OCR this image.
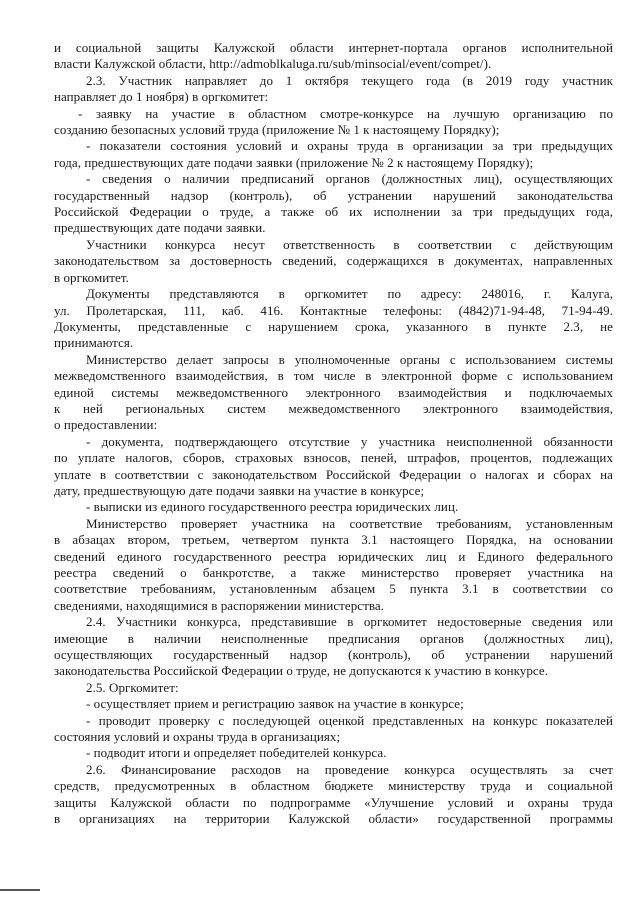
и социальной защиты Калужской области интернет-портала органов исполнительной

власти Калужской области, http://admoblkaluga.ru/sub/minsocial/event/compet/).

2.3. Участник направляет до 1 октября текущего года (в 2019 году участник

направляет до 1 ноября) в оргкомитет:

- заявку на участие в областном смотре-конкурсе на лучшую организацию по

созданию безопасных условий труда (приложение № 1 к настоящему Порядку);

- показатели состояния условий и охраны труда в организации за три предыдущих

года, предшествующих дате подачи заявки (приложение № 2 к настоящему Порядку);

- сведения о наличии предписаний органов (должностных лиц), осуществляющих

государственный надзор (контроль), об устранении нарушений законодательства

Российской Федерации о труде, а также об их исполнении за три предыдущих года,

предшествующих дате подачи заявки.

Участники конкурса несут ответственность в соответствии с действующим

законодательством за достоверность сведений, содержащихся в документах, направленных

в оргкомитет.

Документы представляются в оргкомитет по адресу: 248016, г. Калуга,

ул. Пролетарская, 111, каб. 416. Контактные телефоны: (4842)71-94-48, 71-94-49.

Документы, представленные с нарушением срока, указанного в пункте 2.3, не

принимаются.

Министерство делает запросы в уполномоченные органы с использованием системы

межведомственного взаимодействия, в том числе в электронной форме с использованием

единой системы межведомственного электронного взаимодействия и подключаемых

к ней региональных систем межведомственного электронного взаимодействия,

о предоставлении:

- документа, подтверждающего отсутствие у участника неисполненной обязанности

по уплате налогов, сборов, страховых взносов, пеней, штрафов, процентов, подлежащих

уплате в соответствии с законодательством Российской Федерации о налогах и сборах на

дату, предшествующую дате подачи заявки на участие в конкурсе;

- выписки из единого государственного реестра юридических лиц.

Министерство проверяет участника на соответствие требованиям, установленным

в абзацах втором, третьем, четвертом пункта 3.1 настоящего Порядка, на основании

сведений единого государственного реестра юридических лиц и Единого федерального

реестра сведений о банкротстве, а также министерство проверяет участника на

соответствие требованиям, установленным абзацем 5 пункта 3.1 в соответствии со

сведениями, находящимися в распоряжении министерства.

2.4. Участники конкурса, представившие в оргкомитет недостоверные сведения или

имеющие в наличии неисполненные предписания органов (должностных лиц),

осуществляющих государственный надзор (контроль), об устранении нарушений

законодательства Российской Федерации о труде, не допускаются к участию в конкурсе.

2.5. Оргкомитет:

- осуществляет прием и регистрацию заявок на участие в конкурсе;

- проводит проверку с последующей оценкой представленных на конкурс показателей

состояния условий и охраны труда в организациях;

- подводит итоги и определяет победителей конкурса.

2.6. Финансирование расходов на проведение конкурса осуществлять за счет

средств, предусмотренных в областном бюджете министерству труда и социальной

защиты Калужской области по подпрограмме «Улучшение условий и охраны труда

в организациях на территории Калужской области» государственной программы
